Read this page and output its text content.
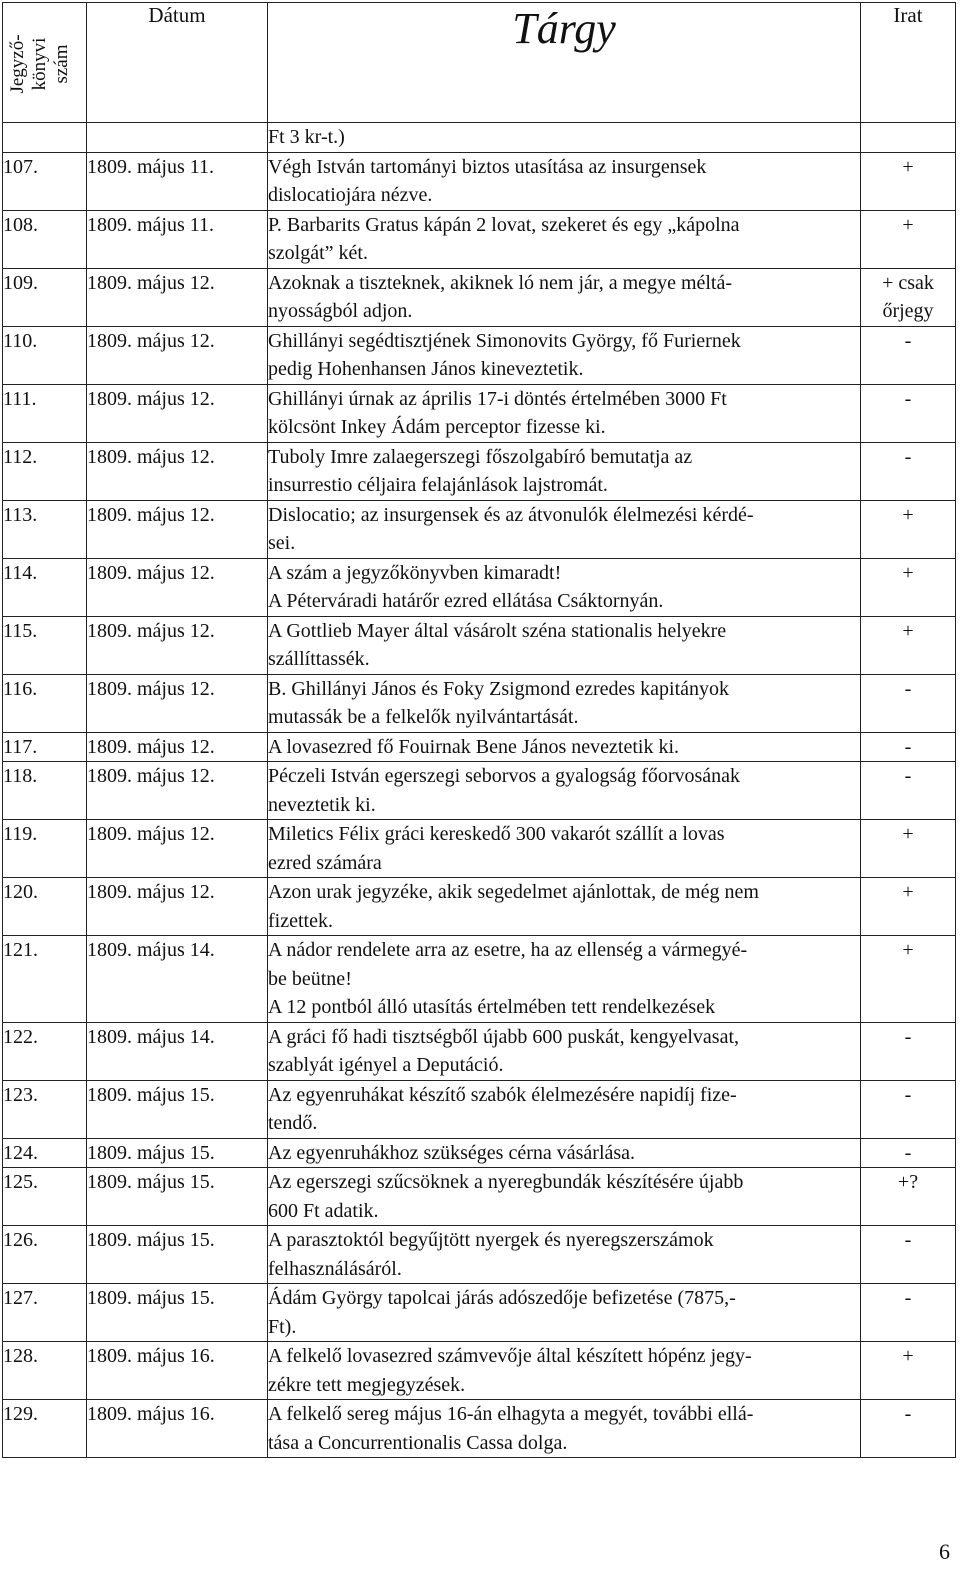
Jegyző- könyvi szám	Dátum	Tárgy	Irat
		Ft 3 kr-t.)	
107.	1809. május 11.	Végh István tartományi biztos utasítása az insurgensek
dislocatiojára nézve.	+

108.	1809. május 11.	P. Barbarits Gratus kápán 2 lovat, szekeret és egy „kápolna
szolgát” két.	+

109.	1809. május 12.	Azoknak a tiszteknek, akiknek ló nem jár, a megye méltá-
nyosságból adjon.	+ csak
őrjegy

110.	1809. május 12.	Ghillányi segédtisztjének Simonovits György, fő Furiernek
pedig Hohenhansen János kineveztetik.	-

111.	1809. május 12.	Ghillányi úrnak az április 17-i döntés értelmében 3000 Ft
kölcsönt Inkey Ádám perceptor fizesse ki.	-

112.	1809. május 12.	Tuboly Imre zalaegerszegi főszolgabíró bemutatja az
insurrestio céljaira felajánlások lajstromát.	-

113.	1809. május 12.	Dislocatio; az insurgensek és az átvonulók élelmezési kérdé-
sei.	+

114.	1809. május 12.	A szám a jegyzőkönyvben kimaradt!
A Péterváradi határőr ezred ellátása Csáktornyán.	+

115.	1809. május 12.	A Gottlieb Mayer által vásárolt széna stationalis helyekre
szállíttassék.	+

116.	1809. május 12.	B. Ghillányi János és Foky Zsigmond ezredes kapitányok
mutassák be a felkelők nyilvántartását.	-

117.	1809. május 12.	A lovasezred fő Fouirnak Bene János neveztetik ki.	-

118.	1809. május 12.	Péczeli István egerszegi seborvos a gyalogság főorvosának
neveztetik ki.	-

119.	1809. május 12.	Miletics Félix gráci kereskedő 300 vakarót szállít a lovas
ezred számára	+

120.	1809. május 12.	Azon urak jegyzéke, akik segedelmet ajánlottak, de még nem
fizettek.	+

121.	1809. május 14.	A nádor rendelete arra az esetre, ha az ellenség a vármegyé-
be beütne!
A 12 pontból álló utasítás értelmében tett rendelkezések	+

122.	1809. május 14.	A gráci fő hadi tisztségből újabb 600 puskát, kengyelvasat,
szablyát igényel a Deputáció.	-

123.	1809. május 15.	Az egyenruhákat készítő szabók élelmezésére napidíj fize-
tendő.	-

124.	1809. május 15.	Az egyenruhákhoz szükséges cérna vásárlása.	-

125.	1809. május 15.	Az egerszegi szűcsöknek a nyeregbundák készítésére újabb
600 Ft adatik.	+?

126.	1809. május 15.	A parasztoktól begyűjtött nyergek és nyeregszerszámok
felhasználásáról.	-

127.	1809. május 15.	Ádám György tapolcai járás adószedője befizetése (7875,-
Ft).	-

128.	1809. május 16.	A felkelő lovasezred számvevője által készített hópénz jegy-
zékre tett megjegyzések.	+

129.	1809. május 16.	A felkelő sereg május 16-án elhagyta a megyét, további ellá-
tása a Concurrentionalis Cassa dolga.	-
6
